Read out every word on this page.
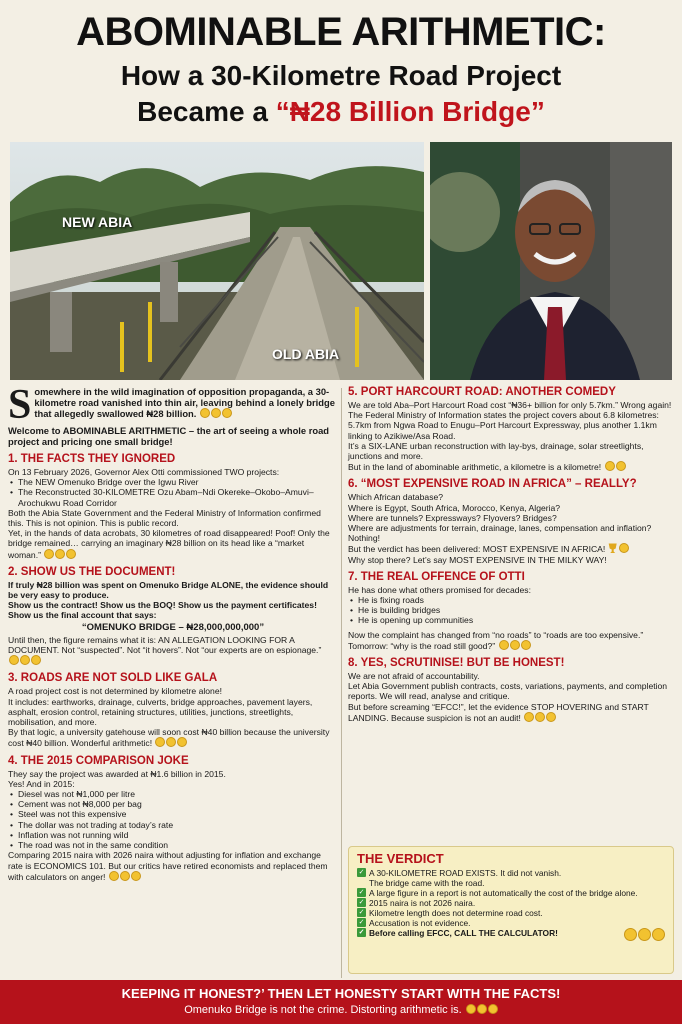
ABOMINABLE ARITHMETIC:
How a 30-Kilometre Road Project
Became a “₦28 Billion Bridge”
NEW ABIA
OLD ABIA
S omewhere in the wild imagination of opposition propaganda, a 30-kilometre road vanished into thin air, leaving behind a lonely bridge that allegedly swallowed ₦28 billion.
Welcome to ABOMINABLE ARITHMETIC – the art of seeing a whole road project and pricing one small bridge!
1. THE FACTS THEY IGNORED
On 13 February 2026, Governor Alex Otti commissioned TWO projects:
• The NEW Omenuko Bridge over the Igwu River
• The Reconstructed 30-KILOMETRE Ozu Abam–Ndi Okereke–Okobo–Amuvi–Arochukwu Road Corridor
Both the Abia State Government and the Federal Ministry of Information confirmed this. This is not opinion. This is public record.
Yet, in the hands of data acrobats, 30 kilometres of road disappeared! Poof! Only the bridge remained… carrying an imaginary ₦28 billion on its head like a “market woman.”
2. SHOW US THE DOCUMENT!
If truly ₦28 billion was spent on Omenuko Bridge ALONE, the evidence should be very easy to produce.
Show us the contract! Show us the BOQ! Show us the payment certificates!
Show us the final account that says:
“OMENUKO BRIDGE – ₦28,000,000,000”
Until then, the figure remains what it is: AN ALLEGATION LOOKING FOR A DOCUMENT. Not “suspected”. Not “it hovers”. Not “our experts are on espionage.”
3. ROADS ARE NOT SOLD LIKE GALA
A road project cost is not determined by kilometre alone!
It includes: earthworks, drainage, culverts, bridge approaches, pavement layers, asphalt, erosion control, retaining structures, utilities, junctions, streetlights, mobilisation, and more.
By that logic, a university gatehouse will soon cost ₦40 billion because the university cost ₦40 billion. Wonderful arithmetic!
4. THE 2015 COMPARISON JOKE
They say the project was awarded at ₦1.6 billion in 2015.
Yes! And in 2015:
• Diesel was not ₦1,000 per litre
• Cement was not ₦8,000 per bag
• Steel was not this expensive
• The dollar was not trading at today’s rate
• Inflation was not running wild
• The road was not in the same condition
Comparing 2015 naira with 2026 naira without adjusting for inflation and exchange rate is ECONOMICS 101. But our critics have retired economists and replaced them with calculators on anger!
5. PORT HARCOURT ROAD: ANOTHER COMEDY
We are told Aba–Port Harcourt Road cost “₦36+ billion for only 5.7km.” Wrong again!
The Federal Ministry of Information states the project covers about 6.8 kilometres: 5.7km from Ngwa Road to Enugu–Port Harcourt Expressway, plus another 1.1km linking to Azikiwe/Asa Road.
It’s a SIX-LANE urban reconstruction with lay-bys, drainage, solar streetlights, junctions and more.
But in the land of abominable arithmetic, a kilometre is a kilometre!
6. “MOST EXPENSIVE ROAD IN AFRICA” – REALLY?
Which African database?
Where is Egypt, South Africa, Morocco, Kenya, Algeria?
Where are tunnels? Expressways? Flyovers? Bridges?
Where are adjustments for terrain, drainage, lanes, compensation and inflation?
Nothing!
But the verdict has been delivered: MOST EXPENSIVE IN AFRICA!
Why stop there? Let’s say MOST EXPENSIVE IN THE MILKY WAY!
7. THE REAL OFFENCE OF OTTI
He has done what others promised for decades:
• He is fixing roads
• He is building bridges
• He is opening up communities
Now the complaint has changed from “no roads” to “roads are too expensive.” Tomorrow: “why is the road still good?”
8. YES, SCRUTINISE! BUT BE HONEST!
We are not afraid of accountability.
Let Abia Government publish contracts, costs, variations, payments, and completion reports. We will read, analyse and critique.
But before screaming “EFCC!”, let the evidence STOP HOVERING and START LANDING. Because suspicion is not an audit!
THE VERDICT
✓ A 30-KILOMETRE ROAD EXISTS. It did not vanish.
The bridge came with the road.
✓ A large figure in a report is not automatically the cost of the bridge alone.
✓ 2015 naira is not 2026 naira.
✓ Kilometre length does not determine road cost.
✓ Accusation is not evidence.
✓ Before calling EFCC, CALL THE CALCULATOR!
KEEPING IT HONEST?’ THEN LET HONESTY START WITH THE FACTS!
Omenuko Bridge is not the crime. Distorting arithmetic is.
